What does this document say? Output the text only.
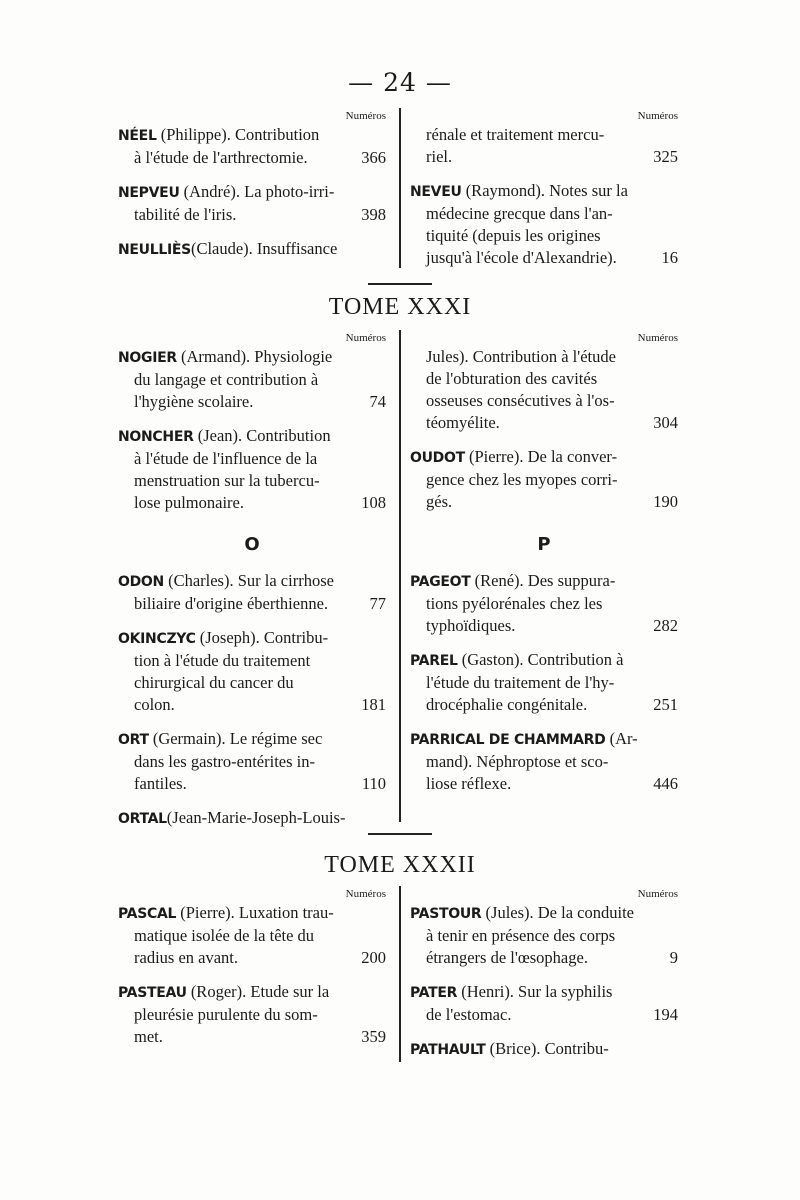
— 24 —
Numéros
NÉEL (Philippe). Contribution
à l'étude de l'arthrectomie.	366
NEPVEU (André). La photo-irri-
tabilité de l'iris.	398
NEULLIÈS(Claude). Insuffisance
Numéros
rénale et traitement mercu-
riel.	325
NEVEU (Raymond). Notes sur la
médecine grecque dans l'an-
tiquité (depuis les origines
jusqu'à l'école d'Alexandrie).	16
TOME XXXI
Numéros
NOGIER (Armand). Physiologie
du langage et contribution à
l'hygiène scolaire.	74
NONCHER (Jean). Contribution
à l'étude de l'influence de la
menstruation sur la tubercu-
lose pulmonaire.	108
Numéros
Jules). Contribution à l'étude
de l'obturation des cavités
osseuses consécutives à l'os-
téomyélite.	304
OUDOT (Pierre). De la conver-
gence chez les myopes corri-
gés.	190
O	P
ODON (Charles). Sur la cirrhose
biliaire d'origine éberthienne.	77
OKINCZYC (Joseph). Contribu-
tion à l'étude du traitement
chirurgical du cancer du
colon.	181
ORT (Germain). Le régime sec
dans les gastro-entérites in-
fantiles.	110
ORTAL(Jean-Marie-Joseph-Louis-
PAGEOT (René). Des suppura-
tions pyélorénales chez les
typhoïdiques.	282
PAREL (Gaston). Contribution à
l'étude du traitement de l'hy-
drocéphalie congénitale.	251
PARRICAL DE CHAMMARD (Ar-
mand). Néphroptose et sco-
liose réflexe.	446
TOME XXXII
Numéros
PASCAL (Pierre). Luxation trau-
matique isolée de la tête du
radius en avant.	200
PASTEAU (Roger). Etude sur la
pleurésie purulente du som-
met.	359
Numéros
PASTOUR (Jules). De la conduite
à tenir en présence des corps
étrangers de l'œsophage.	9
PATER (Henri). Sur la syphilis
de l'estomac.	194
PATHAULT (Brice). Contribu-
